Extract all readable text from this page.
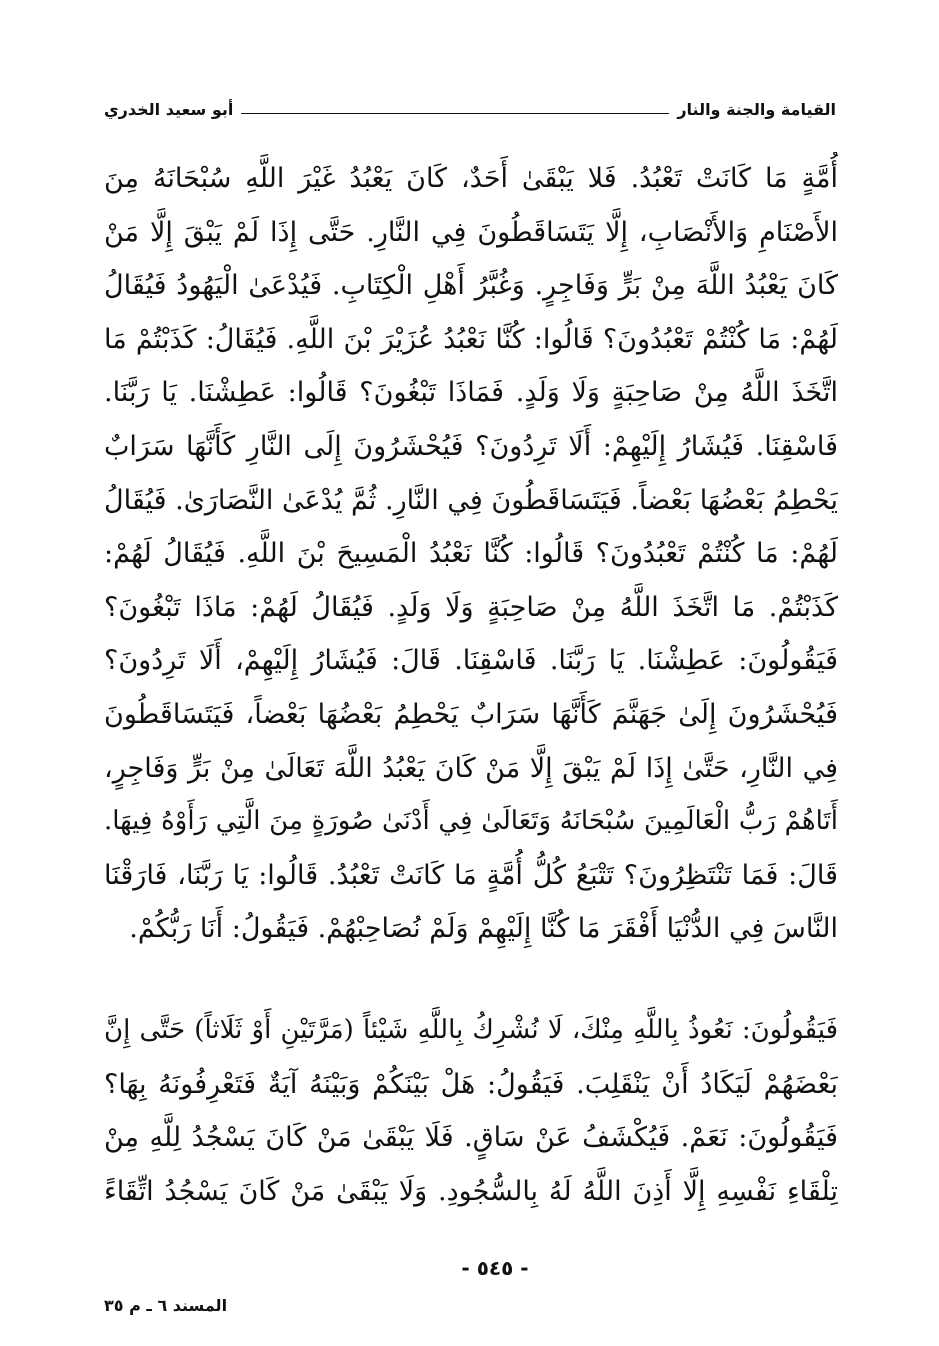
القيامة والجنة والنار
أبو سعيد الخدري
أُمَّةٍ مَا كَانَتْ تَعْبُدُ. فَلا يَبْقَىٰ أَحَدٌ، كَانَ يَعْبُدُ غَيْرَ اللَّهِ سُبْحَانَهُ مِنَ
الأَصْنَامِ وَالأَنْصَابِ، إِلَّا يَتَسَاقَطُونَ فِي النَّارِ. حَتَّى إِذَا لَمْ يَبْقَ إِلَّا مَنْ
كَانَ يَعْبُدُ اللَّهَ مِنْ بَرٍّ وَفَاجِرٍ. وَغُبَّرُ أَهْلِ الْكِتَابِ. فَيُدْعَىٰ الْيَهُودُ فَيُقَالُ
لَهُمْ: مَا كُنْتُمْ تَعْبُدُونَ؟ قَالُوا: كُنَّا نَعْبُدُ عُزَيْرَ بْنَ اللَّهِ. فَيُقَالُ: كَذَبْتُمْ مَا
اتَّخَذَ اللَّهُ مِنْ صَاحِبَةٍ وَلَا وَلَدٍ. فَمَاذَا تَبْغُونَ؟ قَالُوا: عَطِشْنَا. يَا رَبَّنَا.
فَاسْقِنَا. فَيُشَارُ إِلَيْهِمْ: أَلَا تَرِدُونَ؟ فَيُحْشَرُونَ إِلَى النَّارِ كَأَنَّهَا سَرَابٌ
يَحْطِمُ بَعْضُهَا بَعْضاً. فَيَتَسَاقَطُونَ فِي النَّارِ. ثُمَّ يُدْعَىٰ النَّصَارَىٰ. فَيُقَالُ
لَهُمْ: مَا كُنْتُمْ تَعْبُدُونَ؟ قَالُوا: كُنَّا نَعْبُدُ الْمَسِيحَ بْنَ اللَّهِ. فَيُقَالُ لَهُمْ:
كَذَبْتُمْ. مَا اتَّخَذَ اللَّهُ مِنْ صَاحِبَةٍ وَلَا وَلَدٍ. فَيُقَالُ لَهُمْ: مَاذَا تَبْغُونَ؟
فَيَقُولُونَ: عَطِشْنَا. يَا رَبَّنَا. فَاسْقِنَا. قَالَ: فَيُشَارُ إِلَيْهِمْ، أَلَا تَرِدُونَ؟
فَيُحْشَرُونَ إِلَىٰ جَهَنَّمَ كَأَنَّهَا سَرَابٌ يَحْطِمُ بَعْضُهَا بَعْضاً، فَيَتَسَاقَطُونَ
فِي النَّارِ، حَتَّىٰ إِذَا لَمْ يَبْقَ إِلَّا مَنْ كَانَ يَعْبُدُ اللَّهَ تَعَالَىٰ مِنْ بَرٍّ وَفَاجِرٍ،
أَتَاهُمْ رَبُّ الْعَالَمِينَ سُبْحَانَهُ وَتَعَالَىٰ فِي أَدْنَىٰ صُورَةٍ مِنَ الَّتِي رَأَوْهُ فِيهَا.
قَالَ: فَمَا تَنْتَظِرُونَ؟ تَتْبَعُ كُلُّ أُمَّةٍ مَا كَانَتْ تَعْبُدُ. قَالُوا: يَا رَبَّنَا، فَارَقْنَا
النَّاسَ فِي الدُّنْيَا أَفْقَرَ مَا كُنَّا إِلَيْهِمْ وَلَمْ نُصَاحِبْهُمْ. فَيَقُولُ: أَنَا رَبُّكُمْ.
فَيَقُولُونَ: نَعُوذُ بِاللَّهِ مِنْكَ، لَا نُشْرِكُ بِاللَّهِ شَيْئاً (مَرَّتَيْنِ أَوْ ثَلَاثاً) حَتَّى إِنَّ
بَعْضَهُمْ لَيَكَادُ أَنْ يَنْقَلِبَ. فَيَقُولُ: هَلْ بَيْنَكُمْ وَبَيْنَهُ آيَةٌ فَتَعْرِفُونَهُ بِهَا؟
فَيَقُولُونَ: نَعَمْ. فَيُكْشَفُ عَنْ سَاقٍ. فَلَا يَبْقَىٰ مَنْ كَانَ يَسْجُدُ لِلَّهِ مِنْ
تِلْقَاءِ نَفْسِهِ إِلَّا أَذِنَ اللَّهُ لَهُ بِالسُّجُودِ. وَلَا يَبْقَىٰ مَنْ كَانَ يَسْجُدُ اتِّقَاءً
- ٥٤٥ -
المسند ٦ ـ م ٣٥
